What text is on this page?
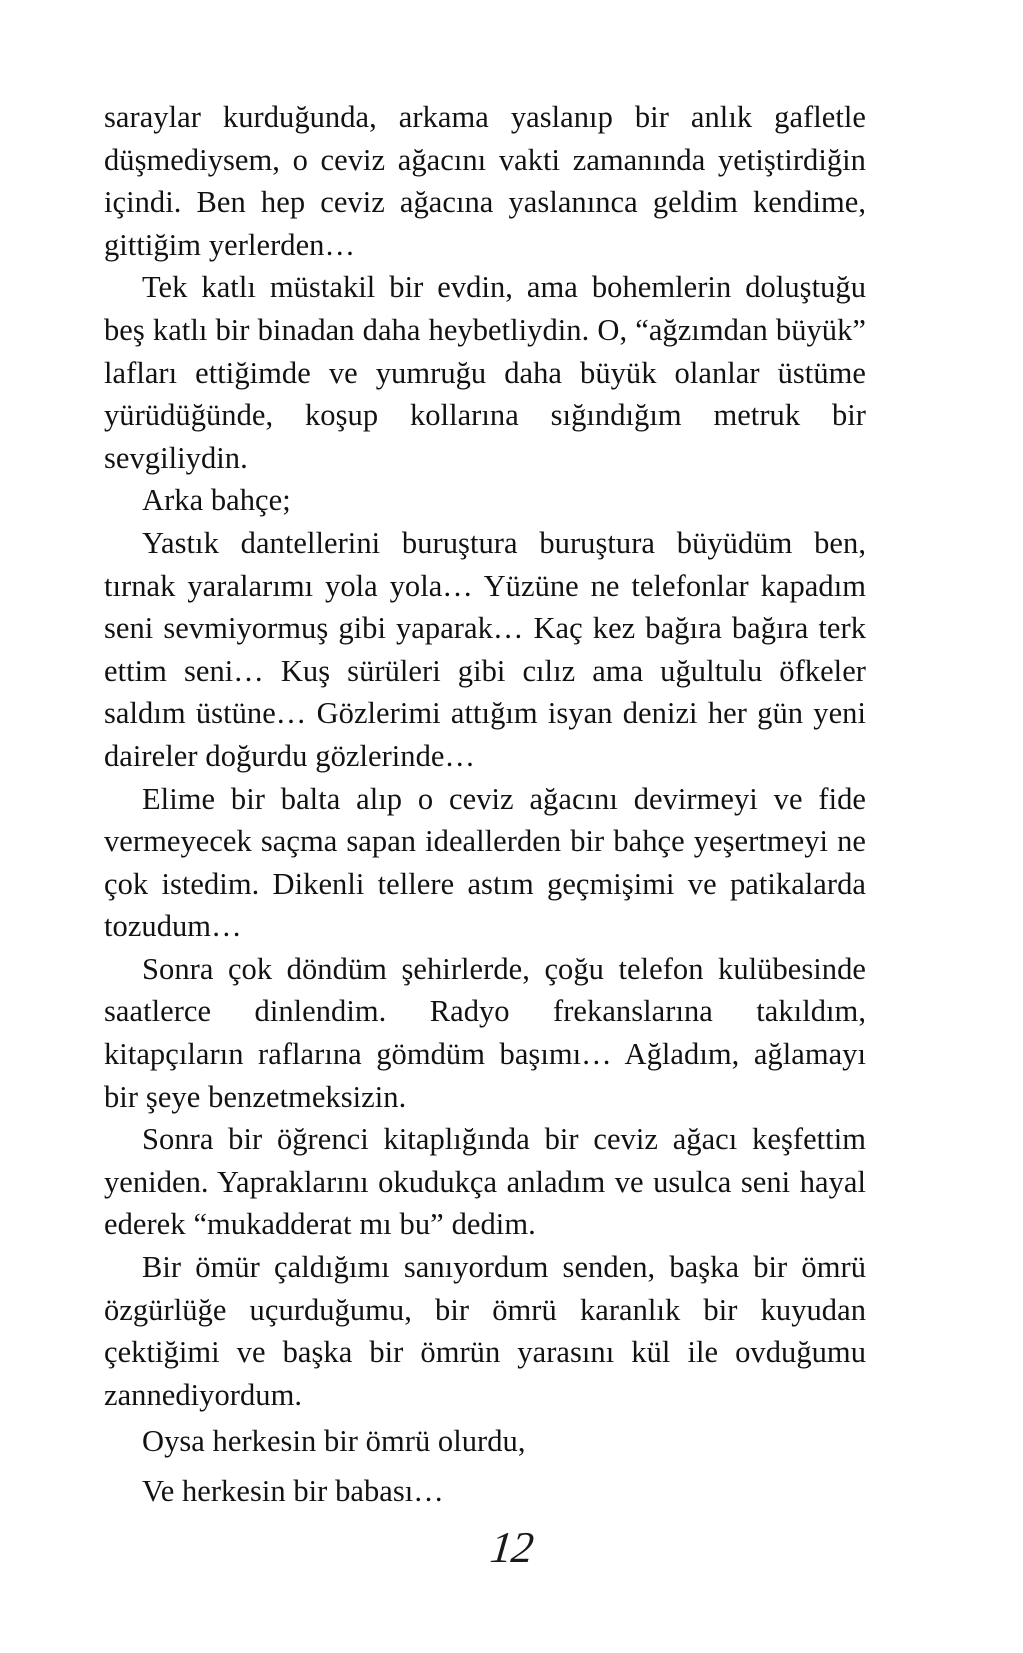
saraylar kurduğunda, arkama yaslanıp bir anlık gafletle düşmediysem, o ceviz ağacını vakti zamanında yetiştirdiğin içindi. Ben hep ceviz ağacına yaslanınca geldim kendime, gittiğim yerlerden…

Tek katlı müstakil bir evdin, ama bohemlerin doluştuğu beş katlı bir binadan daha heybetliydin. O, “ağzımdan büyük” lafları ettiğimde ve yumruğu daha büyük olanlar üstüme yürüdüğünde, koşup kollarına sığındığım metruk bir sevgiliydin.

Arka bahçe;

Yastık dantellerini buruştura buruştura büyüdüm ben, tırnak yaralarımı yola yola… Yüzüne ne telefonlar kapadım seni sevmiyormuş gibi yaparak… Kaç kez bağıra bağıra terk ettim seni… Kuş sürüleri gibi cılız ama uğultulu öfkeler saldım üstüne… Gözlerimi attığım isyan denizi her gün yeni daireler doğurdu gözlerinde…

Elime bir balta alıp o ceviz ağacını devirmeyi ve fide vermeyecek saçma sapan ideallerden bir bahçe yeşertmeyi ne çok istedim. Dikenli tellere astım geçmişimi ve patikalarda tozudum…

Sonra çok döndüm şehirlerde, çoğu telefon kulübesinde saatlerce dinlendim. Radyo frekanslarına takıldım, kitapçıların raflarına gömdüm başımı… Ağladım, ağlamayı bir şeye benzetmeksizin.

Sonra bir öğrenci kitaplığında bir ceviz ağacı keşfettim yeniden. Yapraklarını okudukça anladım ve usulca seni hayal ederek “mukadderat mı bu” dedim.

Bir ömür çaldığımı sanıyordum senden, başka bir ömrü özgürlüğe uçurduğumu, bir ömrü karanlık bir kuyudan çektiğimi ve başka bir ömrün yarasını kül ile ovduğumu zannediyordum.

Oysa herkesin bir ömrü olurdu,

Ve herkesin bir babası…

12
